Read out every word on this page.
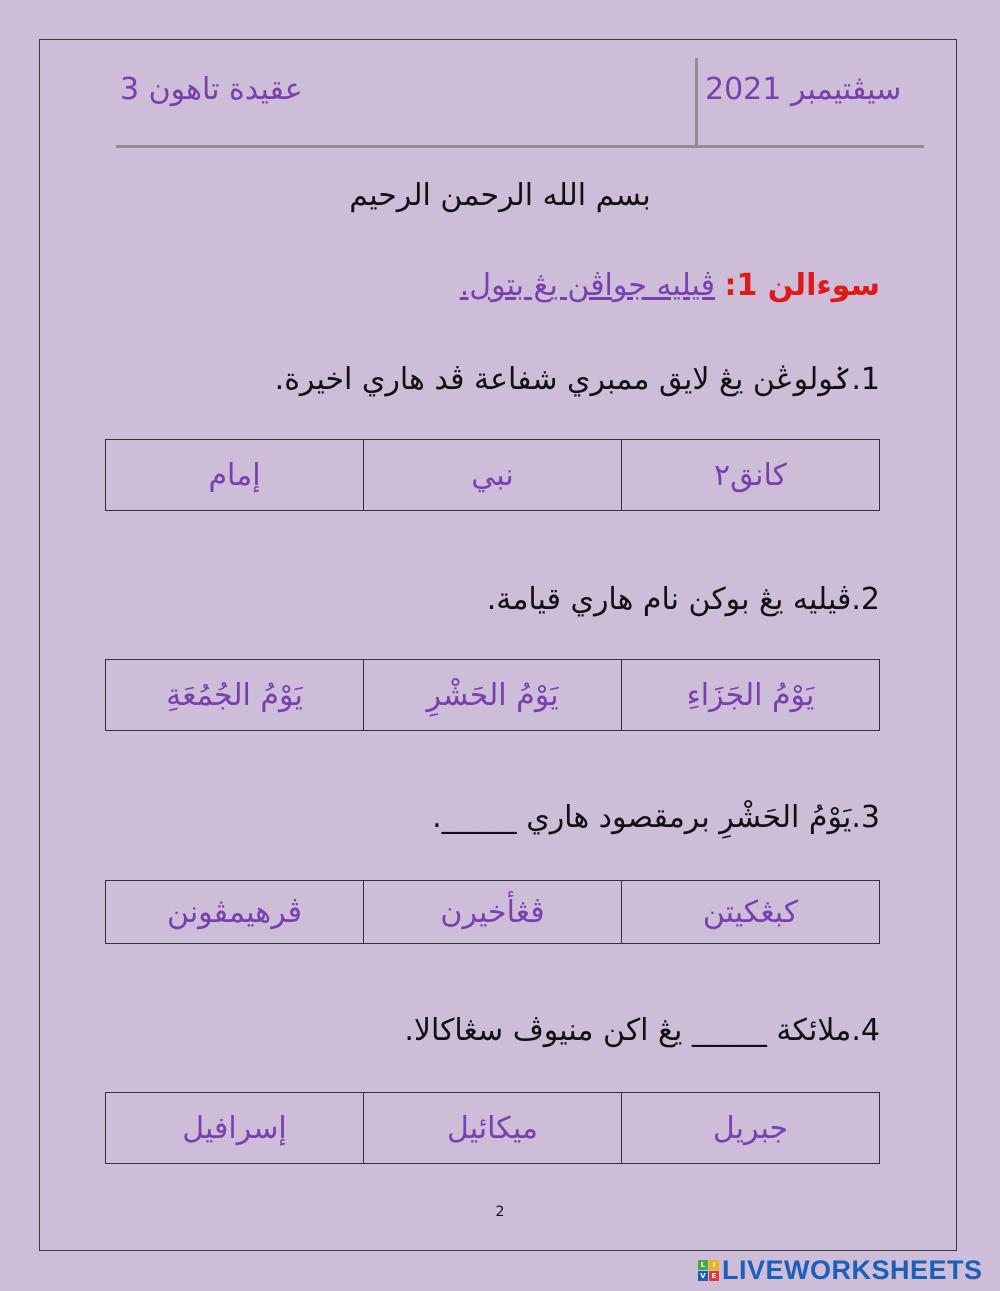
عقيدة تاهون 3	سيڤتيمبر 2021
بسم الله الرحمن الرحيم
سوءالن 1: ڤيليه جواڤن يڠ بتول.
1.ݢولوڠن يڠ لايق ممبري شفاعة ڤد هاري اخيرة.
كانق٢	نبي	إمام
2.ڤيليه يڠ بوكن نام هاري قيامة.
يَوْمُ الجَزَاءِ	يَوْمُ الحَشْرِ	يَوْمُ الجُمُعَةِ
3.يَوْمُ الحَشْرِ برمقصود هاري _____.
كبڠكيتن	ڤڠأخيرن	ڤرهيمڤونن
4.ملائكة _____ يڠ اكن منيوڤ سڠاكالا.
جبريل	ميكائيل	إسرافيل
2
L	I
V E LIVEWORKSHEETS
